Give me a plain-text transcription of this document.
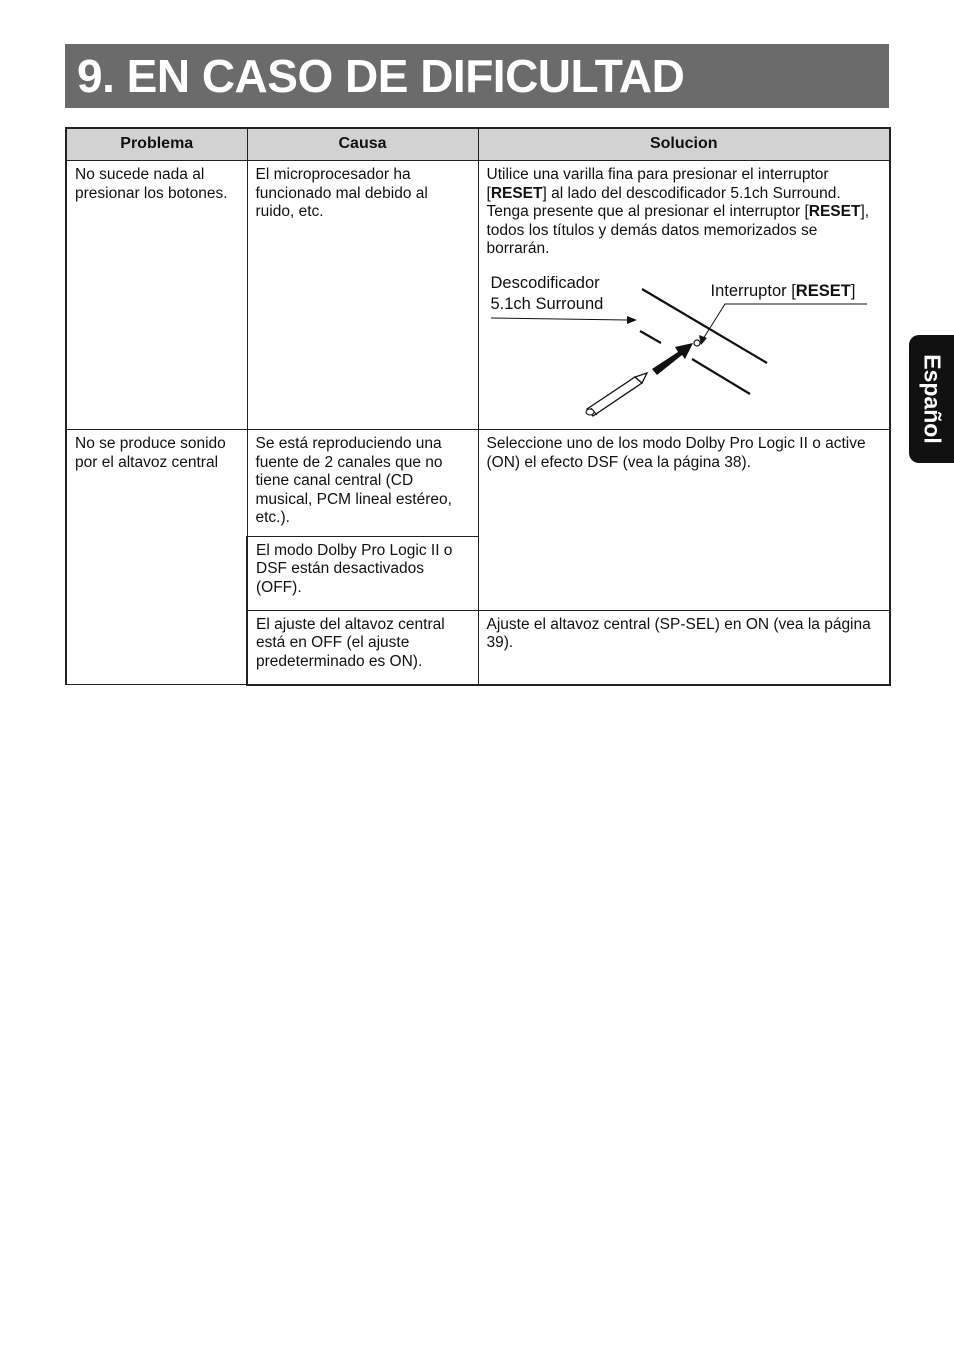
9. EN CASO DE DIFICULTAD
Español
Problema	Causa	Solucion
No sucede nada al presionar los botones.	El microprocesador ha funcionado mal debido al ruido, etc.	Utilice una varilla fina para presionar el interruptor [RESET] al lado del descodificador 5.1ch Surround. Tenga presente que al presionar el interruptor [RESET], todos los títulos y demás datos memorizados se borrarán.
Descodificador
5.1ch Surround
Interruptor [RESET]

No se produce sonido por el altavoz central	Se está reproduciendo una fuente de 2 canales que no tiene canal central (CD musical, PCM lineal estéreo, etc.).	Seleccione uno de los modo Dolby Pro Logic II o active (ON) el efecto DSF (vea la página 38).
	El modo Dolby Pro Logic II o DSF están desactivados (OFF).	
	El ajuste del altavoz central está en OFF (el ajuste predeterminado es ON).	Ajuste el altavoz central (SP-SEL) en ON (vea la página 39).
